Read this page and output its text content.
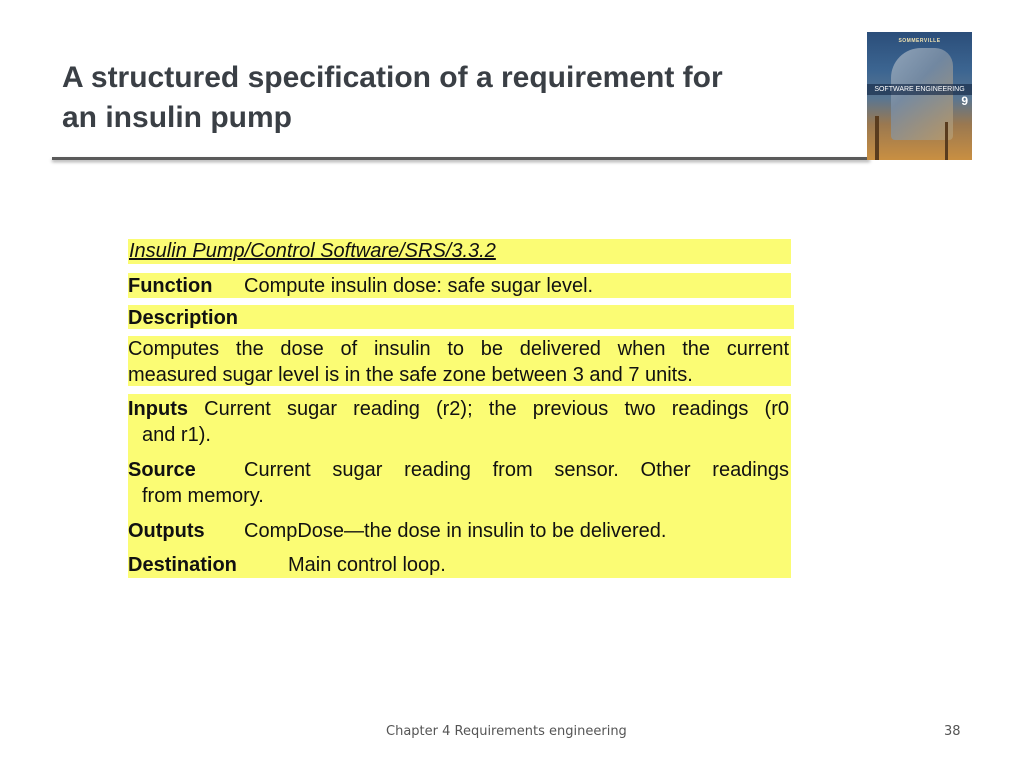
A structured specification of a requirement for
an insulin pump
SOMMERVILLE
SOFTWARE ENGINEERING
9
Insulin Pump/Control Software/SRS/3.3.2
Function Compute insulin dose: safe sugar level.
Description
Computes the dose of insulin to be delivered when the current
measured sugar level is in the safe zone between 3 and 7 units.
Inputs Current sugar reading (r2); the previous two readings (r0
and r1).
Source Current sugar reading from sensor. Other readings
from memory.
Outputs CompDose—the dose in insulin to be delivered.
Destination	Main control loop.
Chapter 4 Requirements engineering	38
